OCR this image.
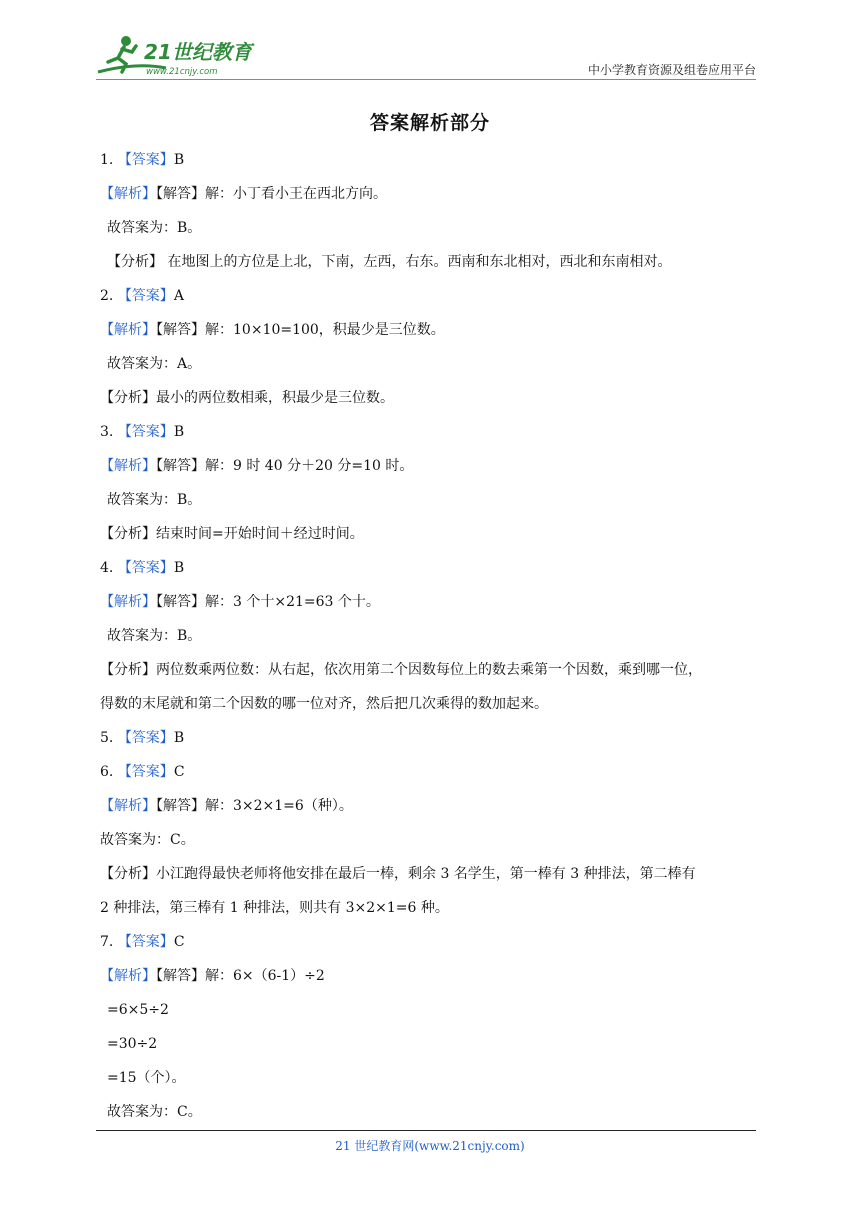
21世纪教育
www.21cnjy.com	中小学教育资源及组卷应用平台
答案解析部分
1. 【答案】B
【解析】【解答】解：小丁看小王在西北方向。
故答案为：B。
【分析】 在地图上的方位是上北，下南，左西，右东。西南和东北相对，西北和东南相对。
2. 【答案】A
【解析】【解答】解：10×10=100，积最少是三位数。
故答案为：A。
【分析】最小的两位数相乘，积最少是三位数。
3. 【答案】B
【解析】【解答】解：9 时 40 分＋20 分=10 时。
故答案为：B。
【分析】结束时间=开始时间＋经过时间。
4. 【答案】B
【解析】【解答】解：3 个十×21=63 个十。
故答案为：B。
【分析】两位数乘两位数：从右起，依次用第二个因数每位上的数去乘第一个因数，乘到哪一位，
得数的末尾就和第二个因数的哪一位对齐，然后把几次乘得的数加起来。
5. 【答案】B
6. 【答案】C
【解析】【解答】解：3×2×1=6（种）。
故答案为：C。
【分析】小江跑得最快老师将他安排在最后一棒，剩余 3 名学生，第一棒有 3 种排法，第二棒有
2 种排法，第三棒有 1 种排法，则共有 3×2×1=6 种。
7. 【答案】C
【解析】【解答】解：6×（6-1）÷2
=6×5÷2
=30÷2
=15（个）。
故答案为：C。
21 世纪教育网(www.21cnjy.com)
